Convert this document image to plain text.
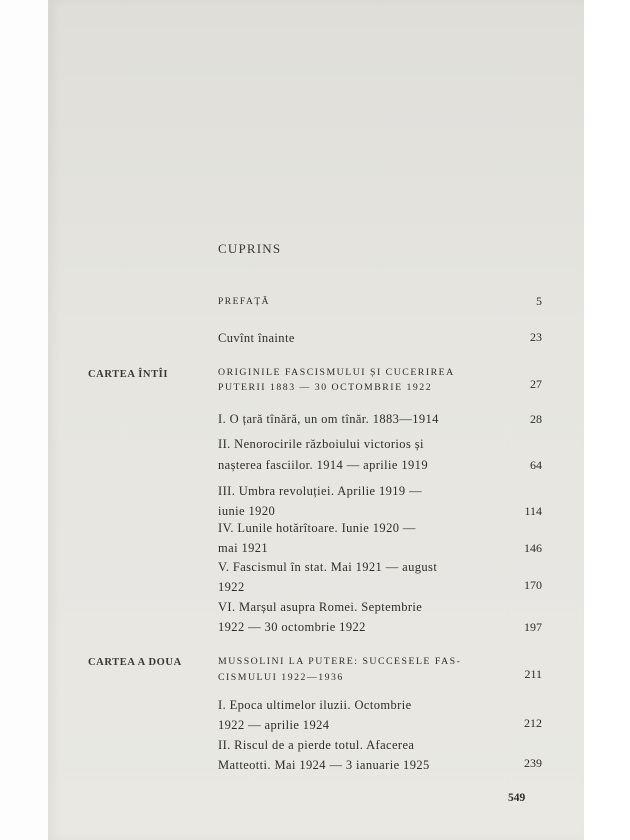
CUPRINS
PREFAȚĂ	5
Cuvînt înainte	23
CARTEA ÎNTÎI	ORIGINILE FASCISMULUI ȘI CUCERIREA
PUTERII 1883 — 30 OCTOMBRIE 1922	27
I. O țară tînără, un om tînăr. 1883—1914	28
II. Nenorocirile războiului victorios și
nașterea fasciilor. 1914 — aprilie 1919	64
III. Umbra revoluției. Aprilie 1919 —
iunie 1920	114
IV. Lunile hotărîtoare. Iunie 1920 —
mai 1921	146
V. Fascismul în stat. Mai 1921 — august
1922	170
VI. Marșul asupra Romei. Septembrie
1922 — 30 octombrie 1922	197
CARTEA A DOUA	MUSSOLINI LA PUTERE: SUCCESELE FAS-
CISMULUI 1922—1936	211
I. Epoca ultimelor iluzii. Octombrie
1922 — aprilie 1924	212
II. Riscul de a pierde totul. Afacerea
Matteotti. Mai 1924 — 3 ianuarie 1925	239
549
